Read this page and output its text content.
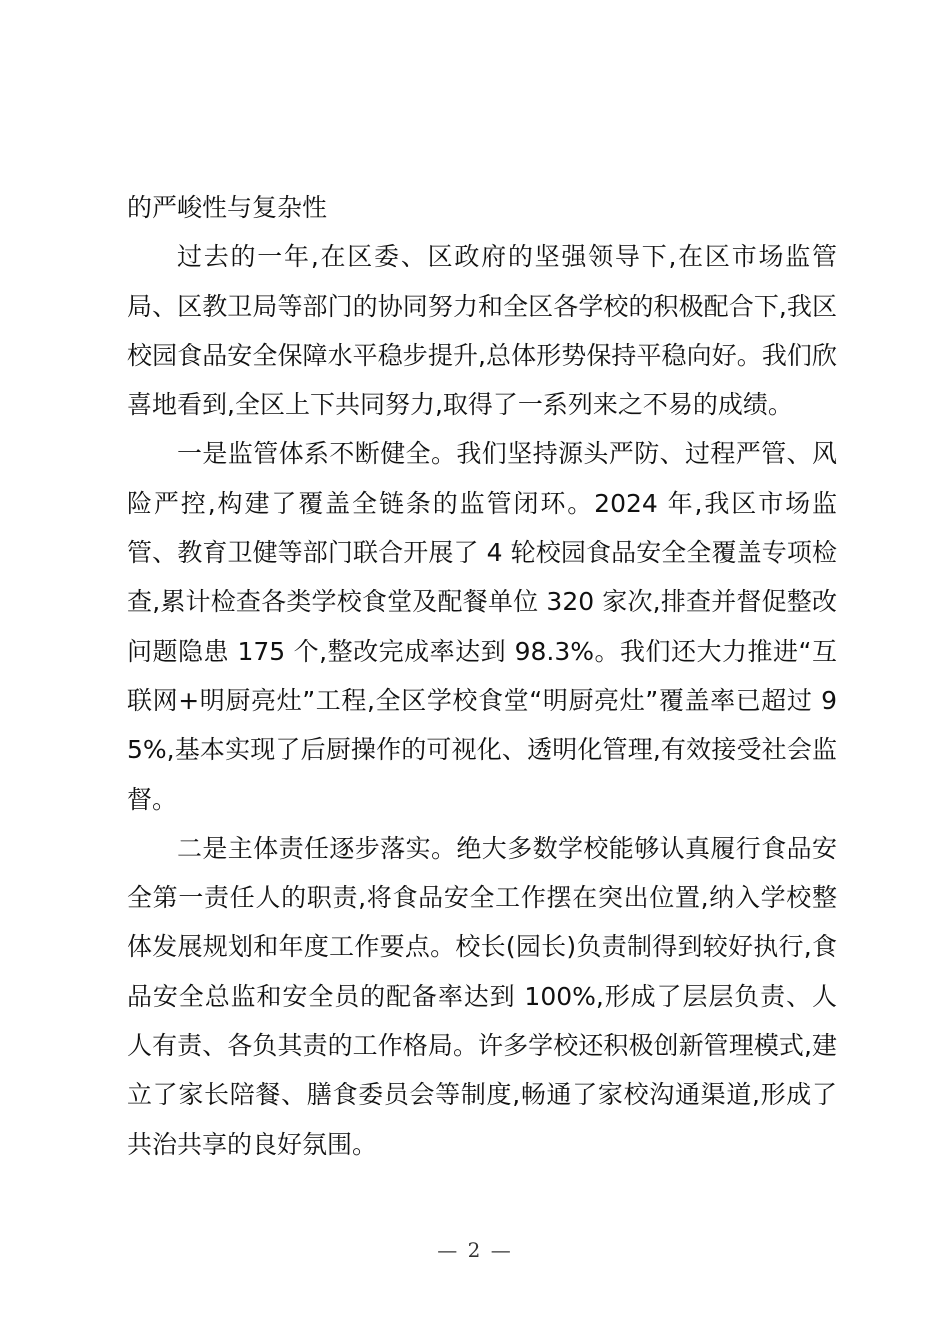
的严峻性与复杂性

过去的一年,在区委、区政府的坚强领导下,在区市场监管局、区教卫局等部门的协同努力和全区各学校的积极配合下,我区校园食品安全保障水平稳步提升,总体形势保持平稳向好。我们欣喜地看到,全区上下共同努力,取得了一系列来之不易的成绩。

一是监管体系不断健全。我们坚持源头严防、过程严管、风险严控,构建了覆盖全链条的监管闭环。2024 年,我区市场监管、教育卫健等部门联合开展了 4 轮校园食品安全全覆盖专项检查,累计检查各类学校食堂及配餐单位 320 家次,排查并督促整改问题隐患 175 个,整改完成率达到 98.3%。我们还大力推进“互联网+明厨亮灶”工程,全区学校食堂“明厨亮灶”覆盖率已超过 95%,基本实现了后厨操作的可视化、透明化管理,有效接受社会监督。

二是主体责任逐步落实。绝大多数学校能够认真履行食品安全第一责任人的职责,将食品安全工作摆在突出位置,纳入学校整体发展规划和年度工作要点。校长(园长)负责制得到较好执行,食品安全总监和安全员的配备率达到 100%,形成了层层负责、人人有责、各负其责的工作格局。许多学校还积极创新管理模式,建立了家长陪餐、膳食委员会等制度,畅通了家校沟通渠道,形成了共治共享的良好氛围。

— 2 —
